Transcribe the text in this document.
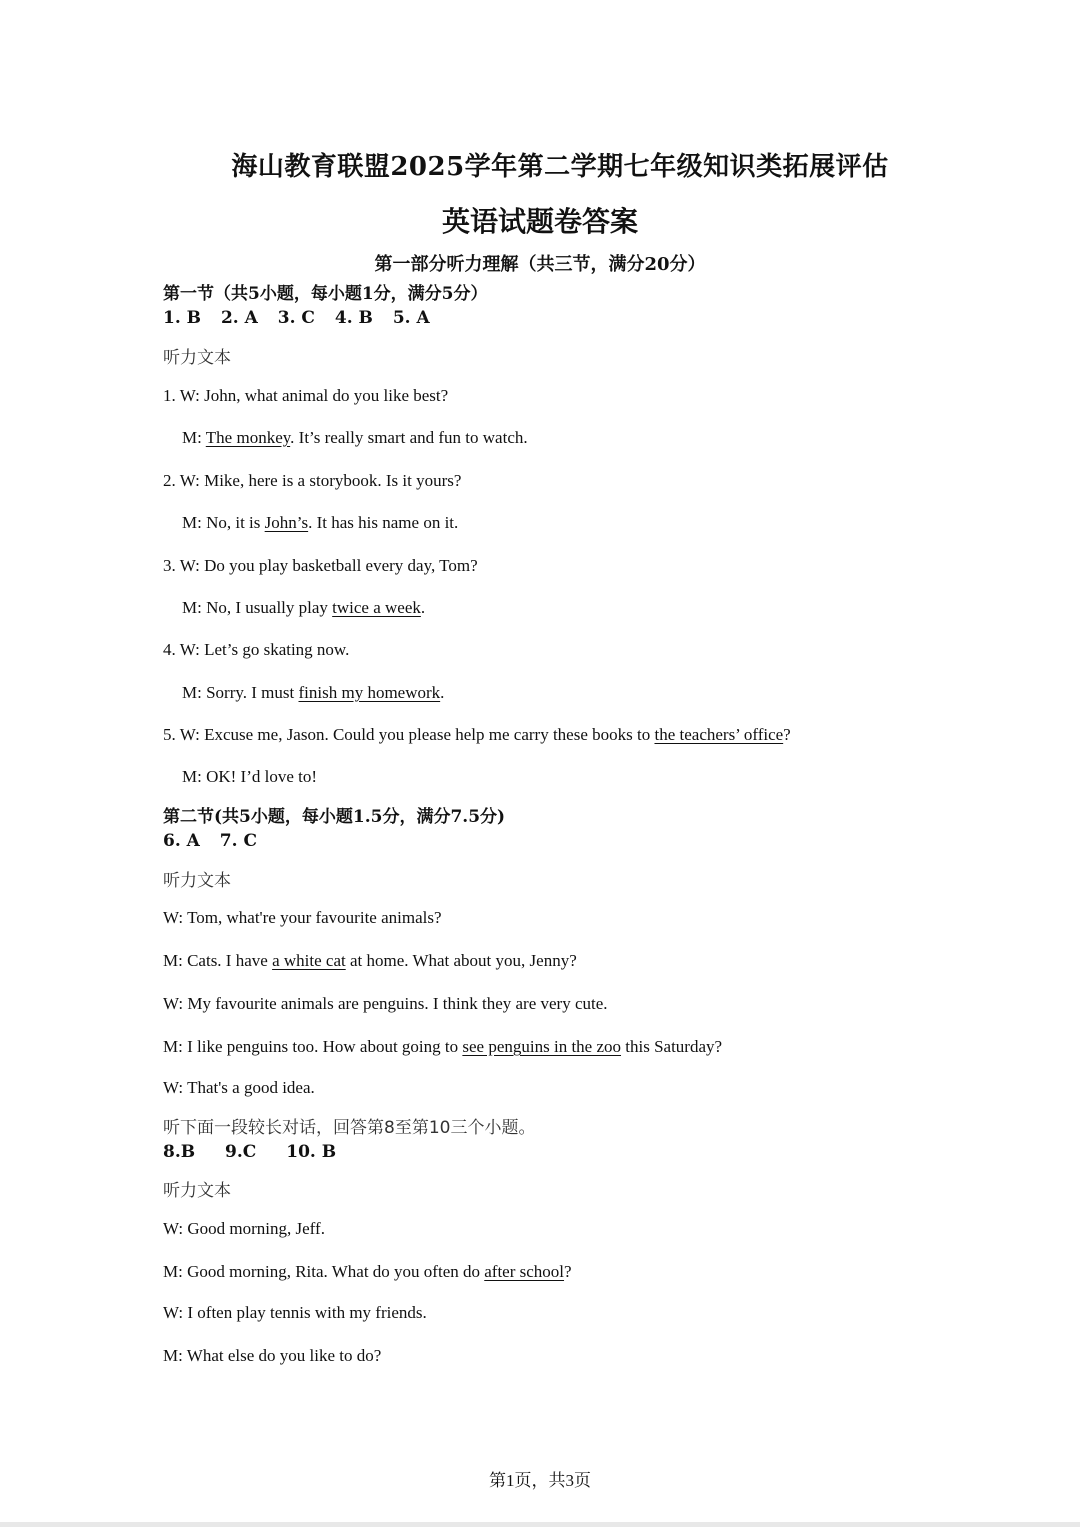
海山教育联盟2025学年第二学期七年级知识类拓展评估
英语试题卷答案
第一部分听力理解（共三节，满分20分）
第一节（共5小题，每小题1分，满分5分）
1. B 2. A 3. C 4. B 5. A
听力文本
1. W: John, what animal do you like best?
M: The monkey. It’s really smart and fun to watch.
2. W: Mike, here is a storybook. Is it yours?
M: No, it is John’s. It has his name on it.
3. W: Do you play basketball every day, Tom?
M: No, I usually play twice a week.
4. W: Let’s go skating now.
M: Sorry. I must finish my homework.
5. W: Excuse me, Jason. Could you please help me carry these books to the teachers’ office?
M: OK! I’d love to!
第二节(共5小题，每小题1.5分，满分7.5分)
6. A 7. C
听力文本
W: Tom, what're your favourite animals?
M: Cats. I have a white cat at home. What about you, Jenny?
W: My favourite animals are penguins. I think they are very cute.
M: I like penguins too. How about going to see penguins in the zoo this Saturday?
W: That's a good idea.
听下面一段较长对话，回答第8至第10三个小题。
8.B 9.C 10. B
听力文本
W: Good morning, Jeff.
M: Good morning, Rita. What do you often do after school?
W: I often play tennis with my friends.
M: What else do you like to do?
第1页，共3页
